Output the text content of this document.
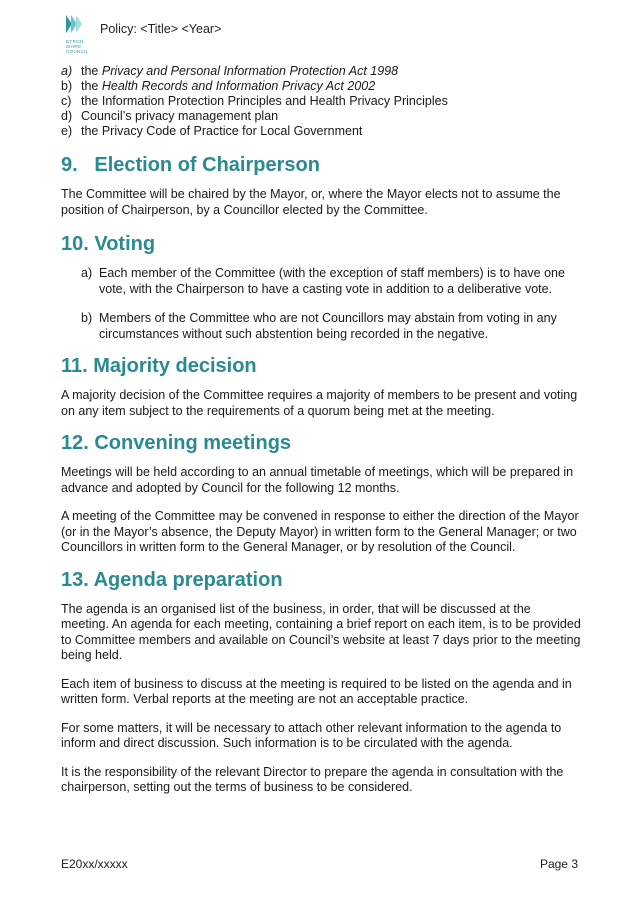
BYRON SHIRE COUNCIL
Policy: <Title> <Year>
a) the Privacy and Personal Information Protection Act 1998
b) the Health Records and Information Privacy Act 2002
c) the Information Protection Principles and Health Privacy Principles
d) Council’s privacy management plan
e) the Privacy Code of Practice for Local Government
9.   Election of Chairperson

The Committee will be chaired by the Mayor, or, where the Mayor elects not to assume the position of Chairperson, by a Councillor elected by the Committee.

10. Voting
a) Each member of the Committee (with the exception of staff members) is to have one vote, with the Chairperson to have a casting vote in addition to a deliberative vote.
b) Members of the Committee who are not Councillors may abstain from voting in any circumstances without such abstention being recorded in the negative.
11. Majority decision

A majority decision of the Committee requires a majority of members to be present and voting on any item subject to the requirements of a quorum being met at the meeting.

12. Convening meetings

Meetings will be held according to an annual timetable of meetings, which will be prepared in advance and adopted by Council for the following 12 months.

A meeting of the Committee may be convened in response to either the direction of the Mayor (or in the Mayor’s absence, the Deputy Mayor) in written form to the General Manager; or two Councillors in written form to the General Manager, or by resolution of the Council.

13. Agenda preparation

The agenda is an organised list of the business, in order, that will be discussed at the meeting. An agenda for each meeting, containing a brief report on each item, is to be provided to Committee members and available on Council’s website at least 7 days prior to the meeting being held.

Each item of business to discuss at the meeting is required to be listed on the agenda and in written form. Verbal reports at the meeting are not an acceptable practice.

For some matters, it will be necessary to attach other relevant information to the agenda to inform and direct discussion. Such information is to be circulated with the agenda.

It is the responsibility of the relevant Director to prepare the agenda in consultation with the chairperson, setting out the terms of business to be considered.

E20xx/xxxxx	Page 3
